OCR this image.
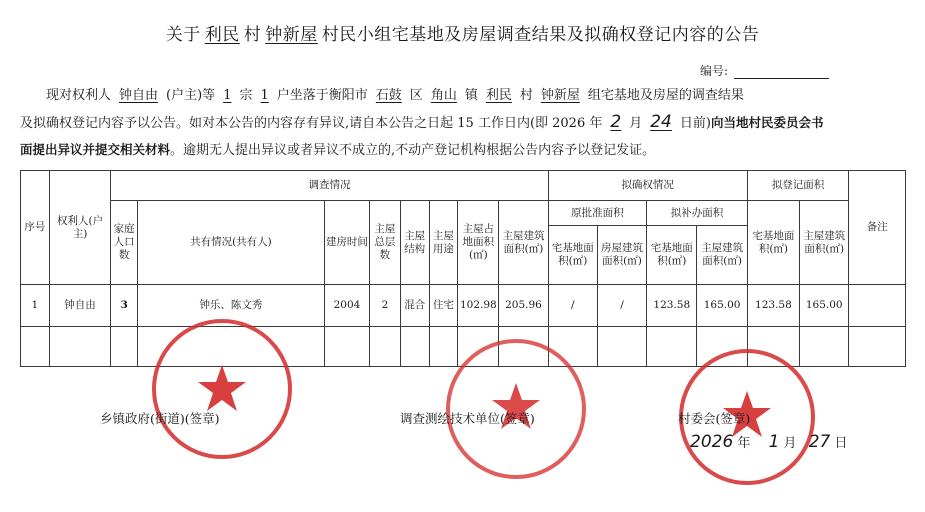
关于 利民 村 钟新屋 村民小组宅基地及房屋调查结果及拟确权登记内容的公告
编号:
现对权利人 钟自由 (户主)等 1 宗 1 户坐落于衡阳市 石鼓 区 角山 镇 利民 村 钟新屋 组宅基地及房屋的调查结果
及拟确权登记内容予以公告。如对本公告的内容存有异议,请自本公告之日起 15 工作日内(即 2026 年 2 月 24 日前)向当地村民委员会书
面提出异议并提交相关材料。逾期无人提出异议或者异议不成立的,不动产登记机构根据公告内容予以登记发证。
序号	权利人(户主)	调查情况								拟确权情况				拟登记面积		备注
		家庭人口数	共有情况(共有人)	建房时间	主屋总层数	主屋结构	主屋用途	主屋占地面积(㎡)	主屋建筑面积(㎡)	原批准面积		拟补办面积		宅基地面积(㎡)	主屋建筑面积(㎡)	
										宅基地面积(㎡)	房屋建筑面积(㎡)	宅基地面积(㎡)	主屋建筑面积(㎡)			
1	钟自由	3	钟乐、陈文秀	2004	2	混合	住宅	102.98	205.96	/	/	123.58	165.00	123.58	165.00	

乡镇政府(街道)(签章)	调查测绘技术单位(签章)	村委会(签章)
2026 年 1 月 27 日
